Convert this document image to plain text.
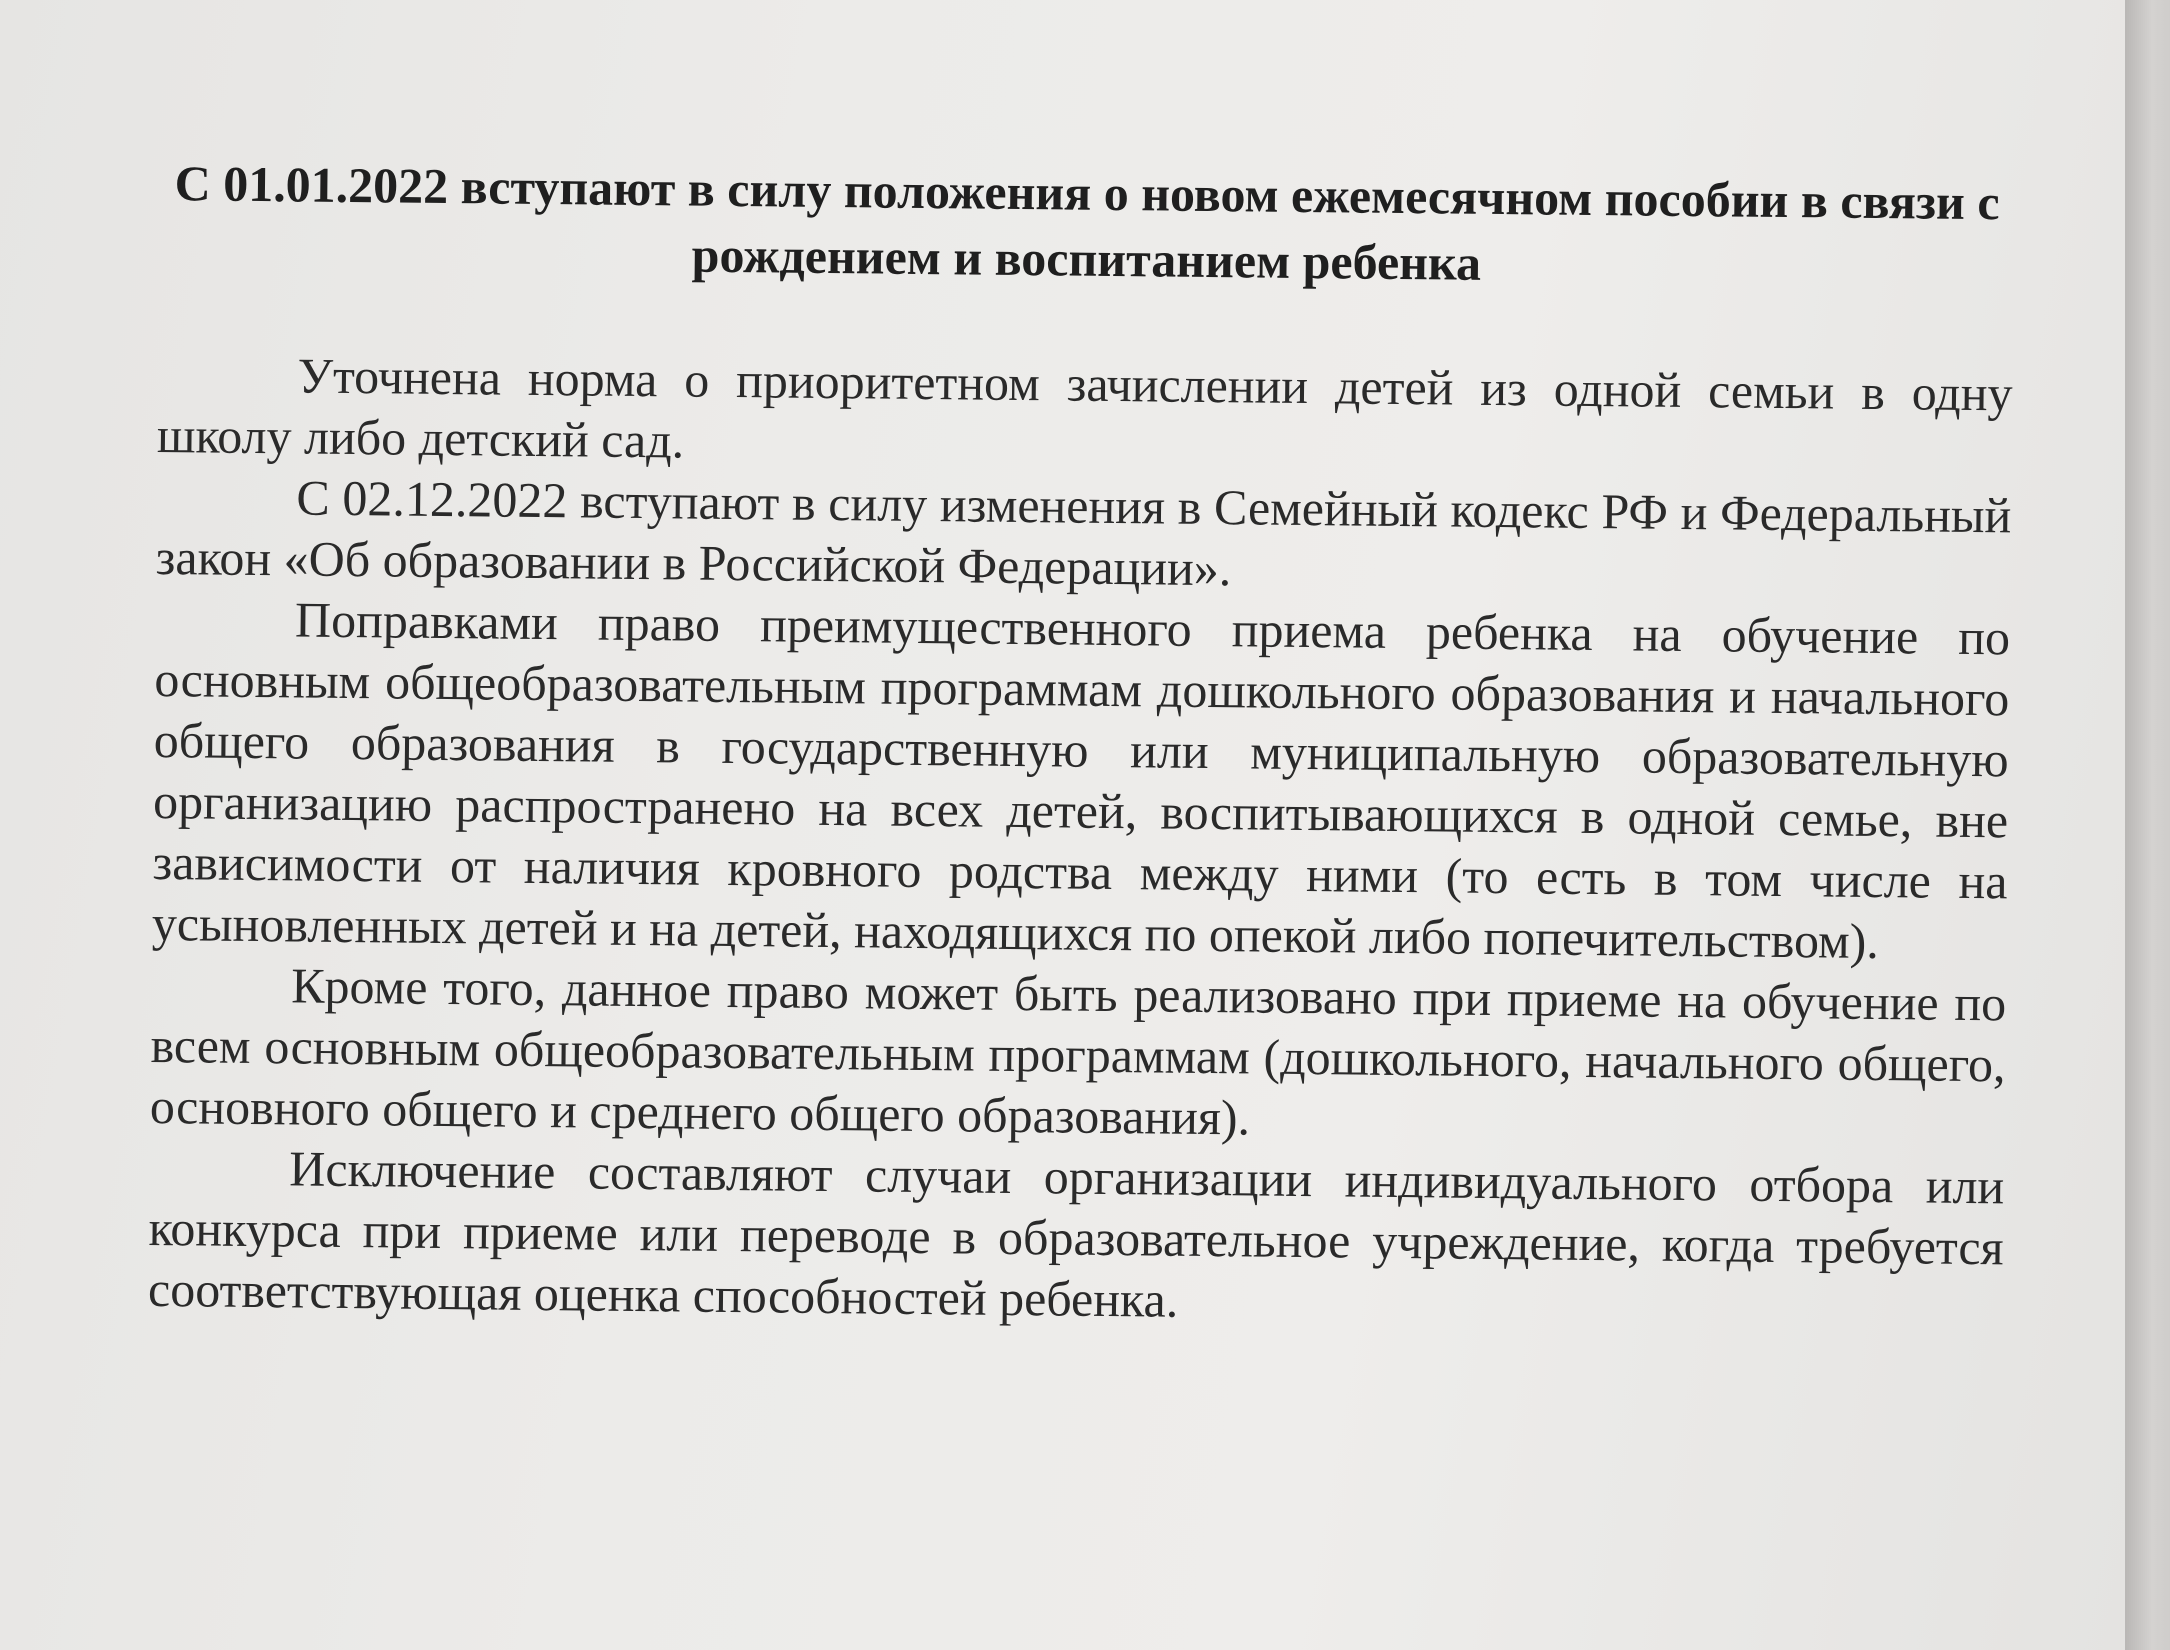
С 01.01.2022 вступают в силу положения о новом ежемесячном пособии в связи с рождением и воспитанием ребенка

Уточнена норма о приоритетном зачислении детей из одной семьи в одну школу либо детский сад.

С 02.12.2022 вступают в силу изменения в Семейный кодекс РФ и Федеральный закон «Об образовании в Российской Федерации».

Поправками право преимущественного приема ребенка на обучение по основным общеобразовательным программам дошкольного образования и начального общего образования в государственную или муниципальную образовательную организацию распространено на всех детей, воспитывающихся в одной семье, вне зависимости от наличия кровного родства между ними (то есть в том числе на усыновленных детей и на детей, находящихся по опекой либо попечительством).

Кроме того, данное право может быть реализовано при приеме на обучение по всем основным общеобразовательным программам (дошкольного, начального общего, основного общего и среднего общего образования).

Исключение составляют случаи организации индивидуального отбора или конкурса при приеме или переводе в образовательное учреждение, когда требуется соответствующая оценка способностей ребенка.
